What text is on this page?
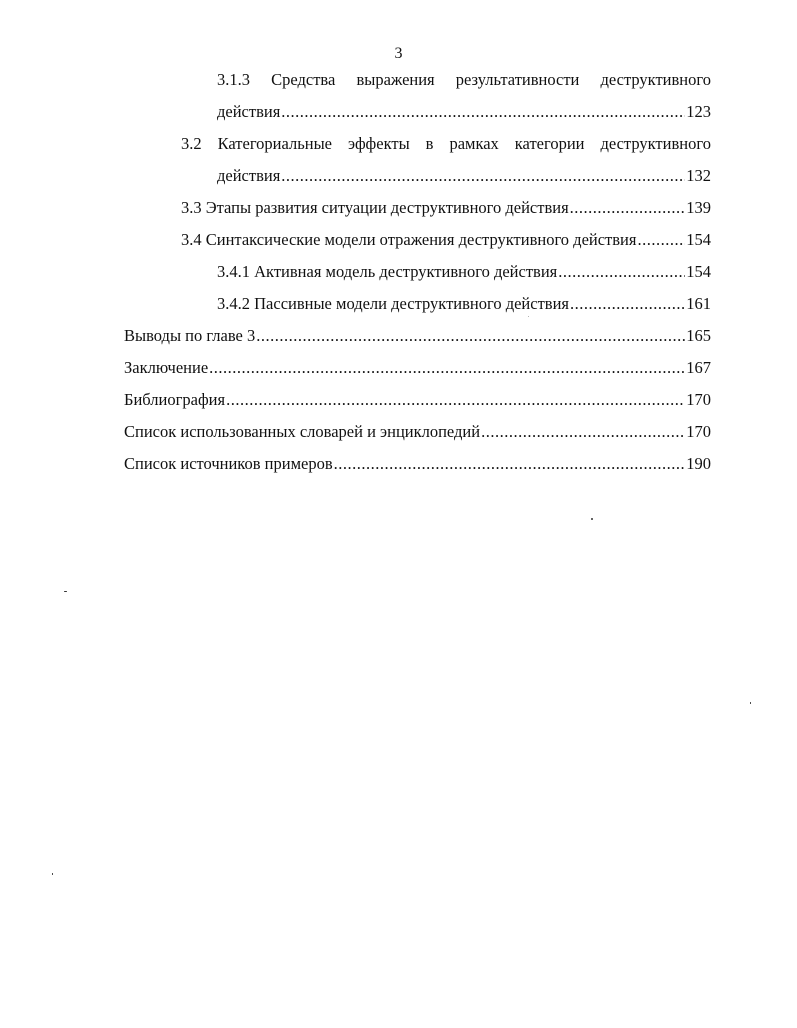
3
3.1.3 Средства выражения результативности деструктивного
действия .....	123
3.2 Категориальные эффекты в рамках категории деструктивного
действия .....	132
3.3 Этапы развития ситуации деструктивного действия .....	139
3.4 Синтаксические модели отражения деструктивного действия .....	154
3.4.1 Активная модель деструктивного действия .....	154
3.4.2 Пассивные модели деструктивного действия .....	161
Выводы по главе 3 .....	165
Заключение .....	167
Библиография .....	170
Список использованных словарей и энциклопедий .....	170
Список источников примеров .....	190
